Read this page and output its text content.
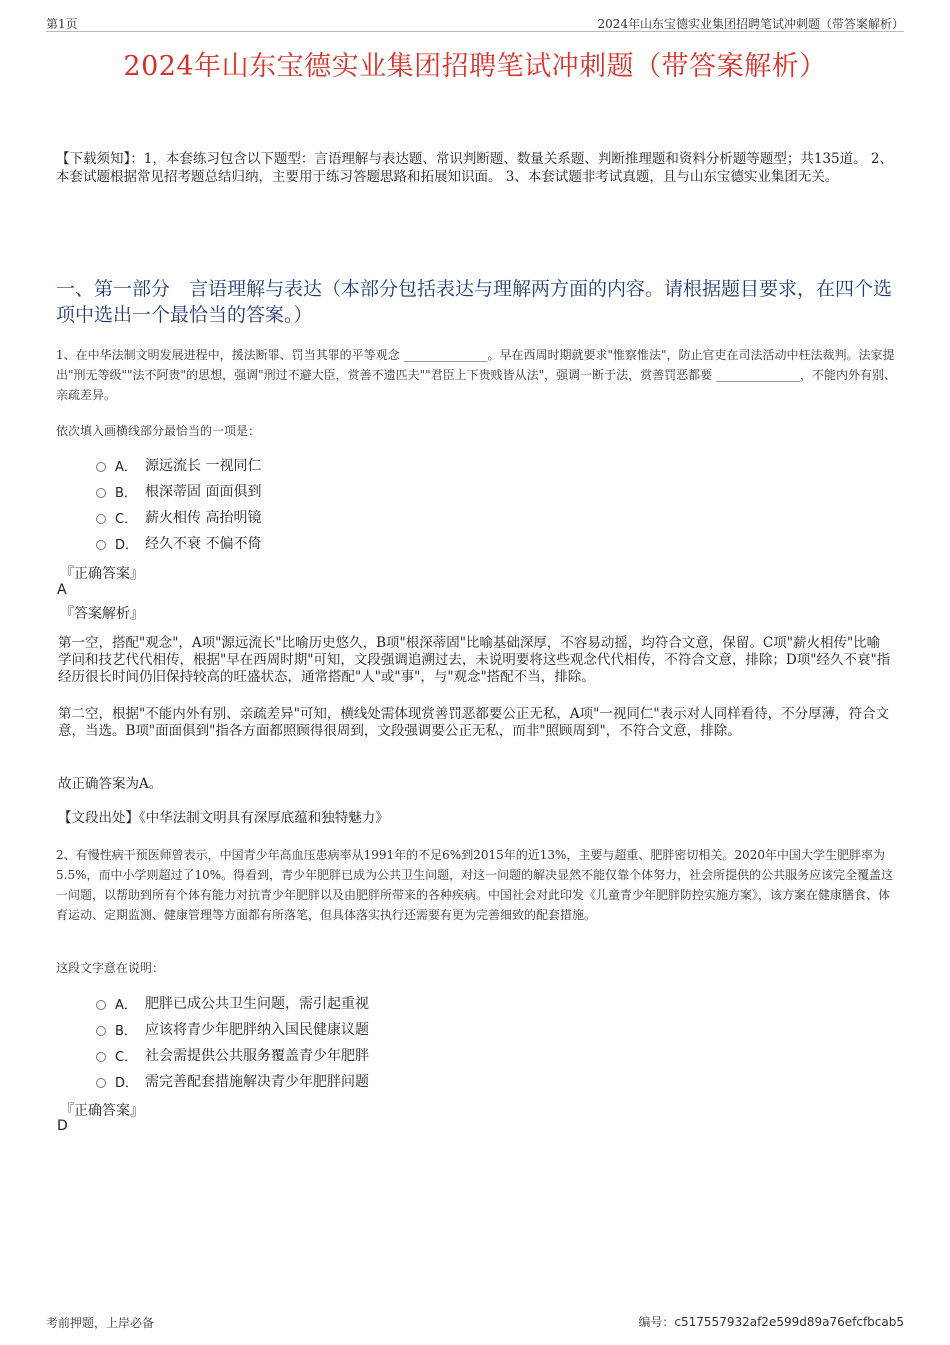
第1页	2024年山东宝德实业集团招聘笔试冲刺题（带答案解析）
2024年山东宝德实业集团招聘笔试冲刺题（带答案解析）
【下载须知】：1，本套练习包含以下题型：言语理解与表达题、常识判断题、数量关系题、判断推理题和资料分析题等题型；共135道。 2、本套试题根据常见招考题总结归纳，主要用于练习答题思路和拓展知识面。 3、本套试题非考试真题，且与山东宝德实业集团无关。
一、第一部分　言语理解与表达（本部分包括表达与理解两方面的内容。请根据题目要求，在四个选项中选出一个最恰当的答案。）
1、在中华法制文明发展进程中，援法断罪、罚当其罪的平等观念 ______________。早在西周时期就要求"惟察惟法"，防止官吏在司法活动中枉法裁判。法家提出"刑无等级""法不阿贵"的思想，强调"刑过不避大臣，赏善不遗匹夫""君臣上下贵贱皆从法"，强调一断于法，赏善罚恶都要 ______________，不能内外有别、亲疏差异。
依次填入画横线部分最恰当的一项是：
A． 源远流长 一视同仁
B． 根深蒂固 面面俱到
C． 薪火相传 高抬明镜
D． 经久不衰 不偏不倚
『正确答案』
A
『答案解析』
第一空，搭配"观念"，A项"源远流长"比喻历史悠久，B项"根深蒂固"比喻基础深厚，不容易动摇，均符合文意，保留。C项"薪火相传"比喻学问和技艺代代相传，根据"早在西周时期"可知，文段强调追溯过去，未说明要将这些观念代代相传，不符合文意，排除；D项"经久不衰"指经历很长时间仍旧保持较高的旺盛状态，通常搭配"人"或"事"，与"观念"搭配不当，排除。
第二空，根据"不能内外有别、亲疏差异"可知，横线处需体现赏善罚恶都要公正无私，A项"一视同仁"表示对人同样看待，不分厚薄，符合文意，当选。B项"面面俱到"指各方面都照顾得很周到，文段强调要公正无私，而非"照顾周到"，不符合文意，排除。
故正确答案为A。
【文段出处】《中华法制文明具有深厚底蕴和独特魅力》
2、有慢性病干预医师曾表示，中国青少年高血压患病率从1991年的不足6%到2015年的近13%，主要与超重、肥胖密切相关。2020年中国大学生肥胖率为5.5%，而中小学则超过了10%。得看到，青少年肥胖已成为公共卫生问题，对这一问题的解决显然不能仅靠个体努力，社会所提供的公共服务应该完全覆盖这一问题，以帮助到所有个体有能力对抗青少年肥胖以及由肥胖所带来的各种疾病。中国社会对此印发《儿童青少年肥胖防控实施方案》，该方案在健康膳食、体育运动、定期监测、健康管理等方面都有所落笔，但具体落实执行还需要有更为完善细致的配套措施。
这段文字意在说明：
A． 肥胖已成公共卫生问题，需引起重视
B． 应该将青少年肥胖纳入国民健康议题
C． 社会需提供公共服务覆盖青少年肥胖
D． 需完善配套措施解决青少年肥胖问题
『正确答案』
D
考前押题，上岸必备	编号：c517557932af2e599d89a76efcfbcab5
